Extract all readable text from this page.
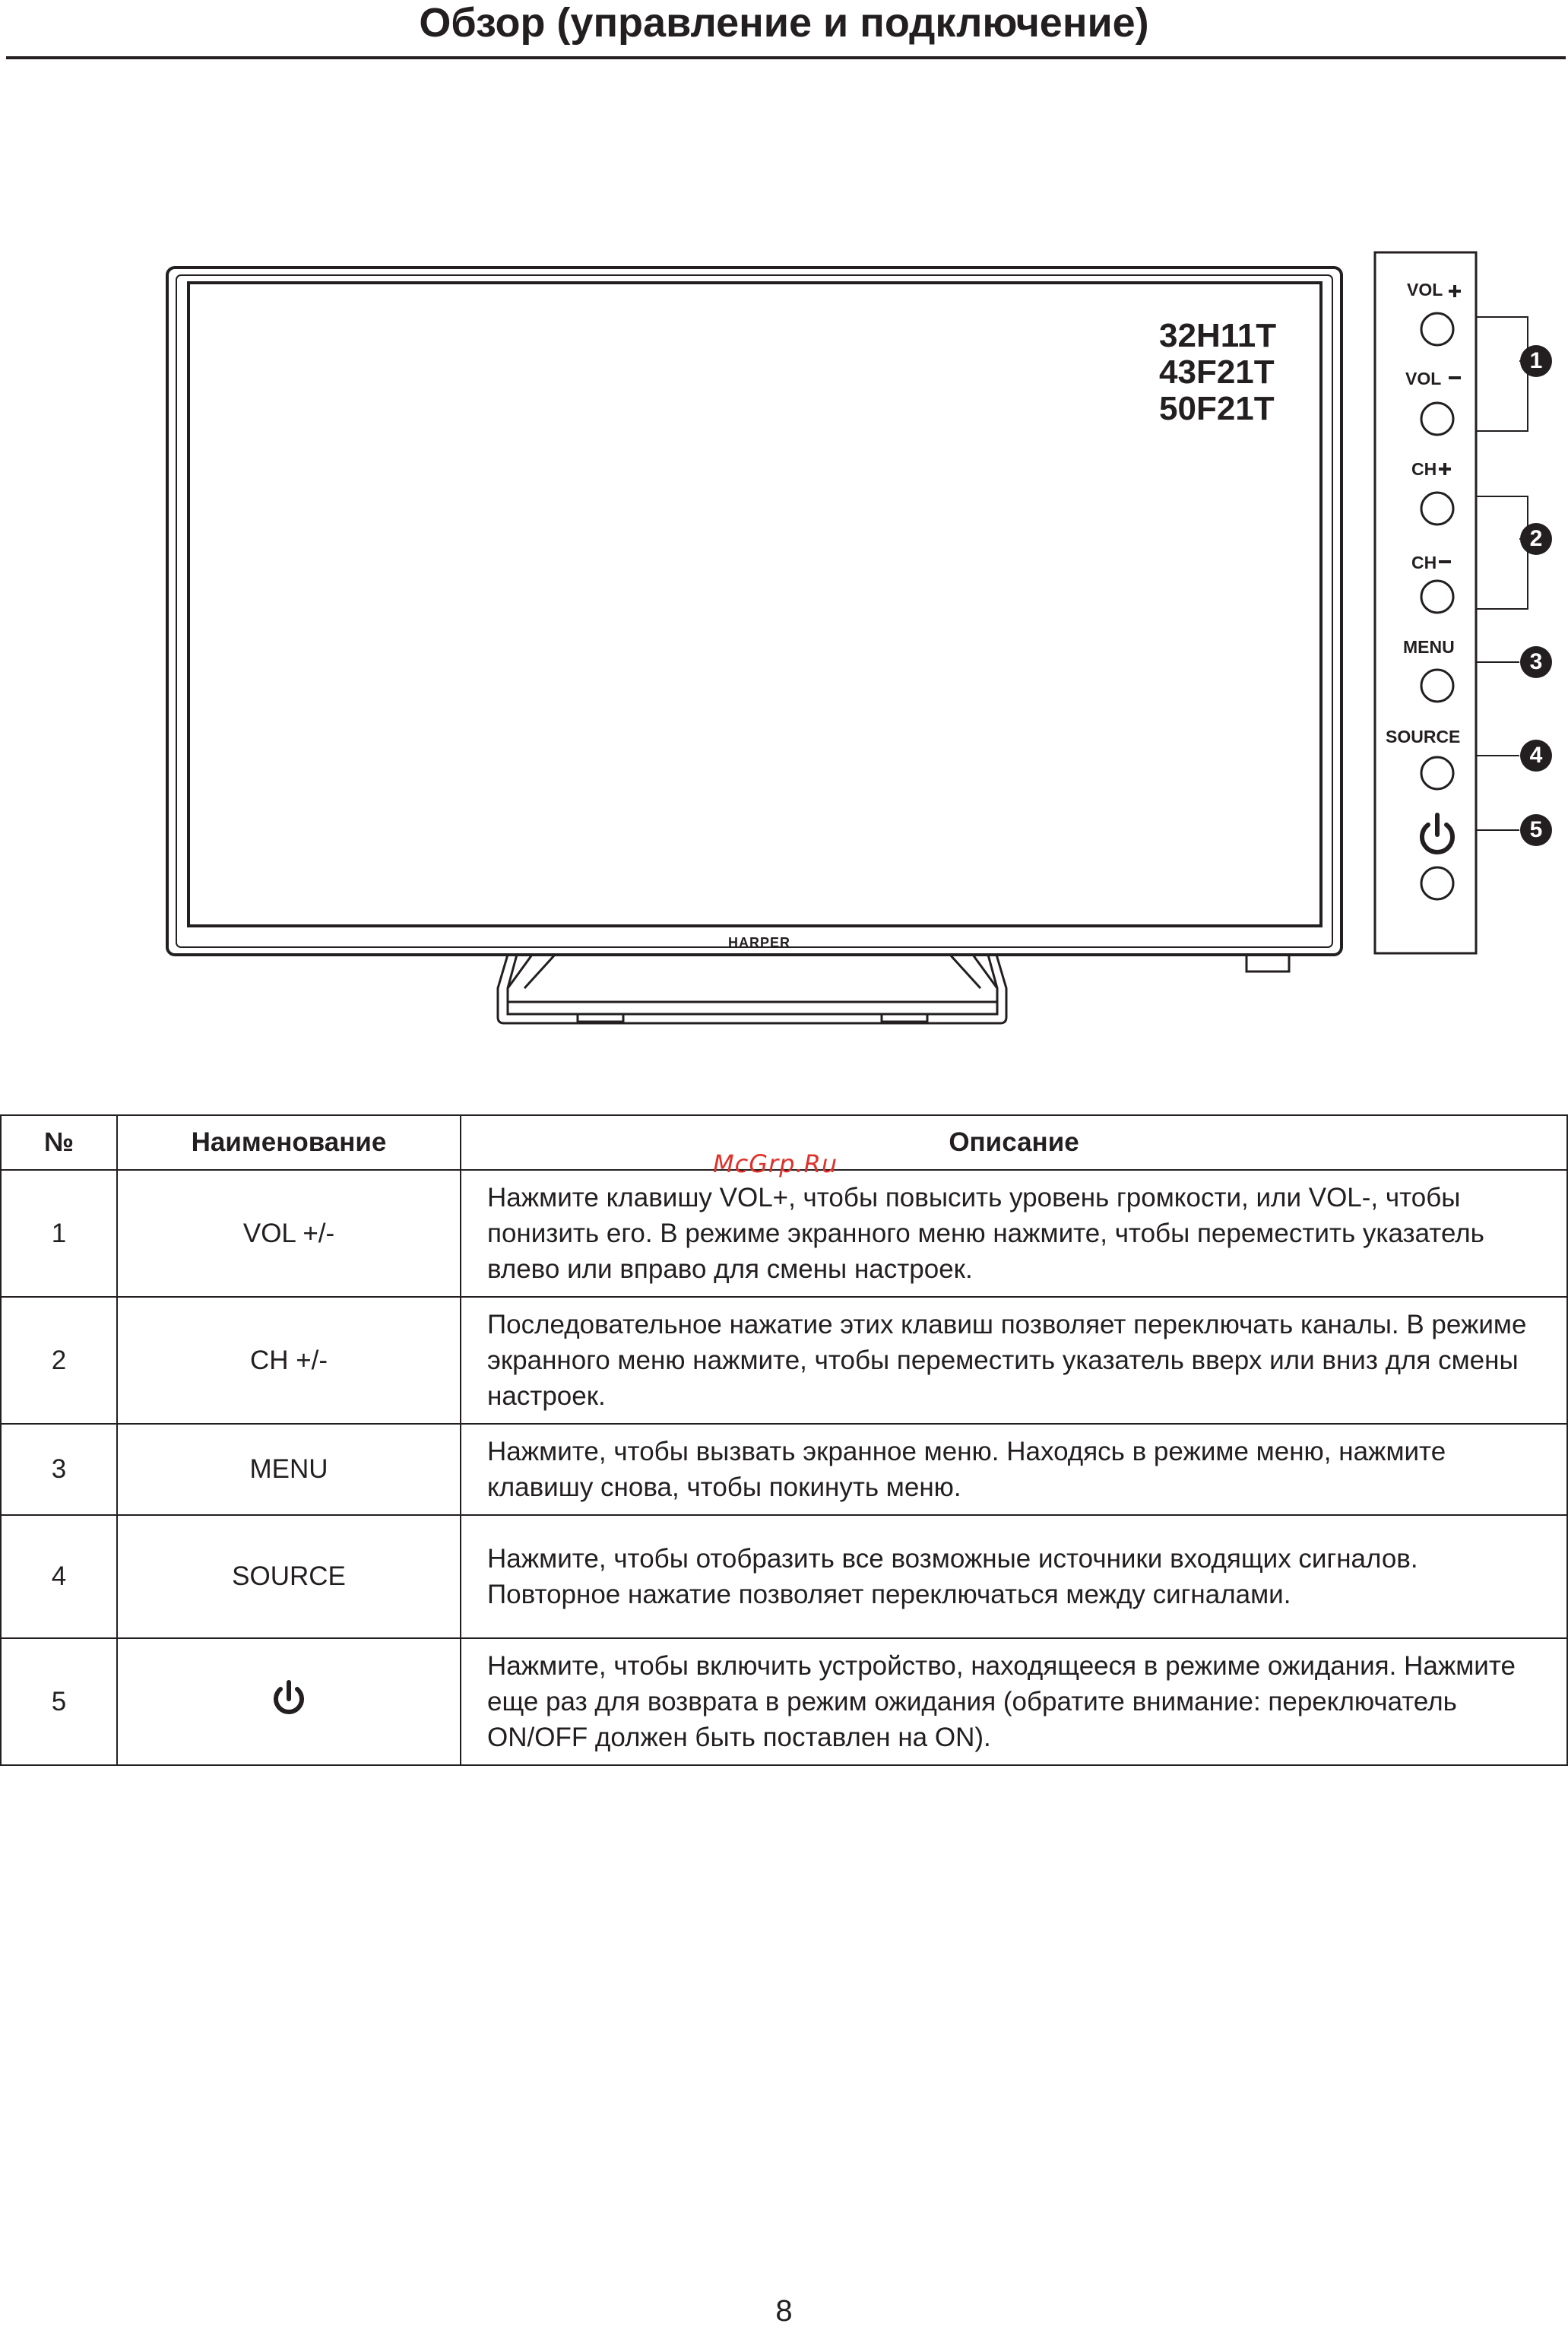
Обзор (управление и подключение)
32H11T
43F21T
50F21T
HARPER
VOL
VOL
CH
CH
MENU
SOURCE
1
2
3
4
5
№	Наименование	Описание
1	VOL +/-	Нажмите клавишу VOL+, чтобы повысить уровень громкости, или VOL-, чтобы понизить его. В режиме экранного меню нажмите, чтобы переместить указатель влево или вправо для смены настроек.
2	CH +/-	Последовательное нажатие этих клавиш позволяет переключать каналы. В режиме экранного меню нажмите, чтобы переместить указатель вверх или вниз для смены настроек.
3	MENU	Нажмите, чтобы вызвать экранное меню. Находясь в режиме меню, нажмите клавишу снова, чтобы покинуть меню.
4	SOURCE	Нажмите, чтобы отобразить все возможные источники входящих сигналов. Повторное нажатие позволяет переключаться между сигналами.
5		Нажмите, чтобы включить устройство, находящееся в режиме ожидания. Нажмите еще раз для возврата в режим ожидания (обратите внимание: переключатель ON/OFF должен быть поставлен на ON).
McGrp.Ru
8
